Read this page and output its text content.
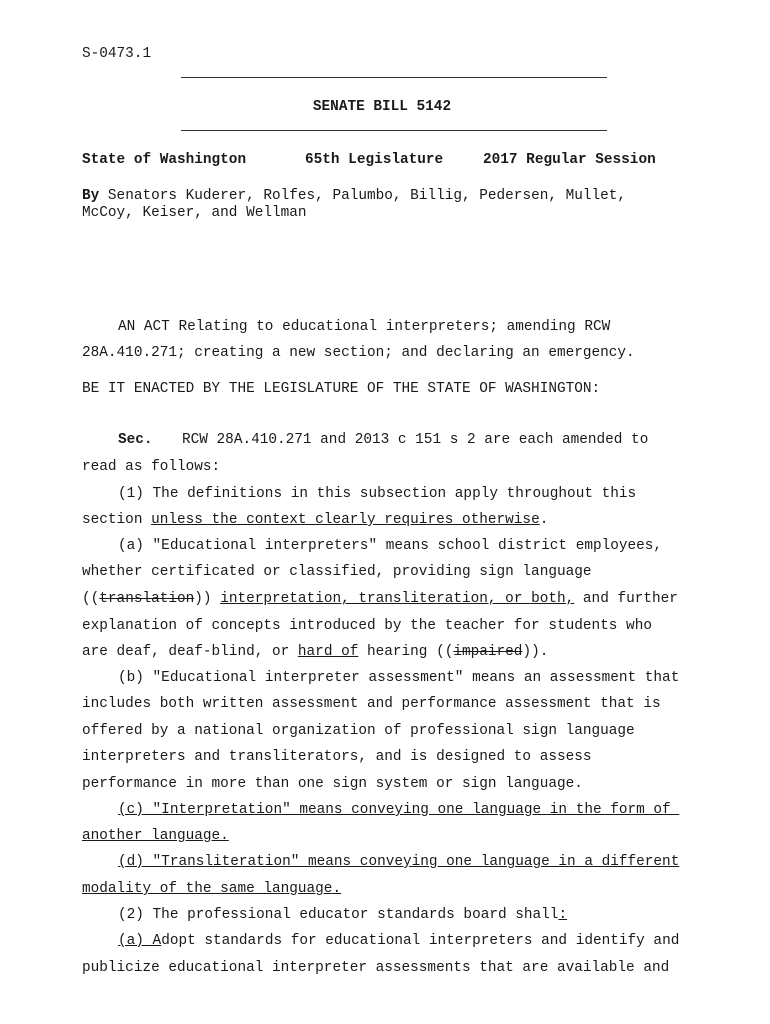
S-0473.1
SENATE BILL 5142
State of Washington	65th Legislature	2017 Regular Session
By Senators Kuderer, Rolfes, Palumbo, Billig, Pedersen, Mullet,
McCoy, Keiser, and Wellman
AN ACT Relating to educational interpreters; amending RCW
28A.410.271; creating a new section; and declaring an emergency.
BE IT ENACTED BY THE LEGISLATURE OF THE STATE OF WASHINGTON:
Sec. RCW 28A.410.271 and 2013 c 151 s 2 are each amended to
read as follows:
(1) The definitions in this subsection apply throughout this
section unless the context clearly requires otherwise.
(a) "Educational interpreters" means school district employees,
whether certificated or classified, providing sign language
((translation)) interpretation, transliteration, or both, and further
explanation of concepts introduced by the teacher for students who
are deaf, deaf-blind, or hard of hearing ((impaired)).
(b) "Educational interpreter assessment" means an assessment that
includes both written assessment and performance assessment that is
offered by a national organization of professional sign language
interpreters and transliterators, and is designed to assess
performance in more than one sign system or sign language.
(c) "Interpretation" means conveying one language in the form of
another language.
(d) "Transliteration" means conveying one language in a different
modality of the same language.
(2) The professional educator standards board shall:
(a) Adopt standards for educational interpreters and identify and
publicize educational interpreter assessments that are available and
